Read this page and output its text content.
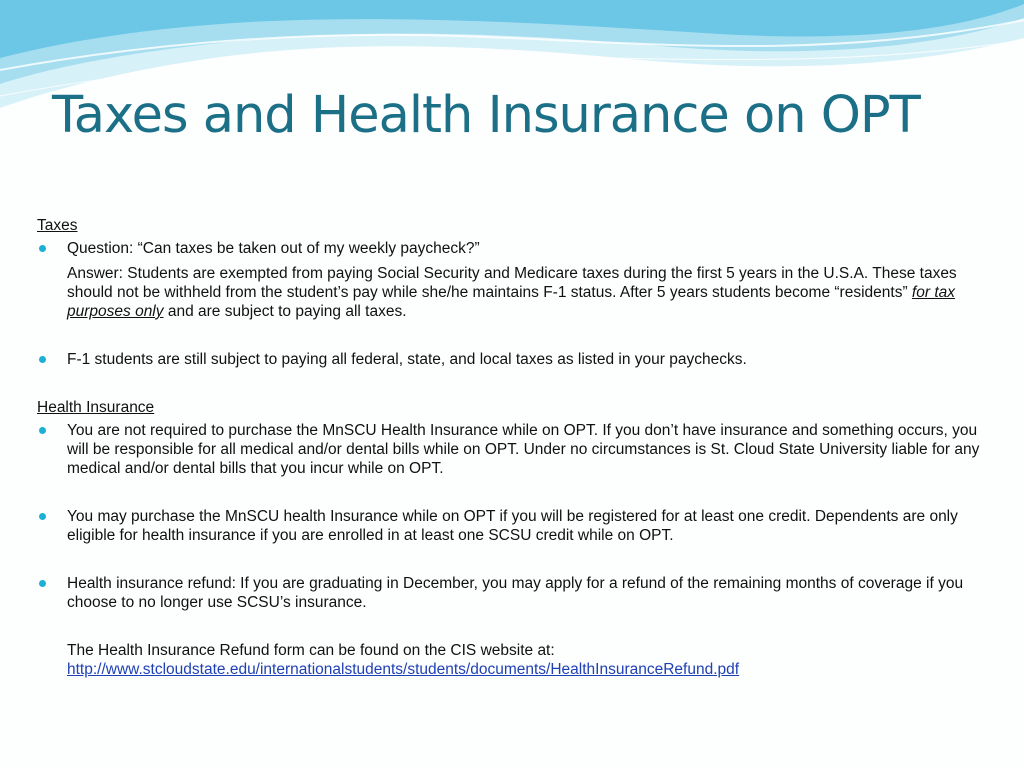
Taxes and Health Insurance on OPT

Taxes

Question: “Can taxes be taken out of my weekly paycheck?”

Answer: Students are exempted from paying Social Security and Medicare taxes during the first 5 years in the U.S.A. These taxes should not be withheld from the student’s pay while she/he maintains F-1 status. After 5 years students become “residents” for tax purposes only and are subject to paying all taxes.

F-1 students are still subject to paying all federal, state, and local taxes as listed in your paychecks.

Health Insurance

You are not required to purchase the MnSCU Health Insurance while on OPT. If you don’t have insurance and something occurs, you will be responsible for all medical and/or dental bills while on OPT. Under no circumstances is St. Cloud State University liable for any medical and/or dental bills that you incur while on OPT.

You may purchase the MnSCU health Insurance while on OPT if you will be registered for at least one credit. Dependents are only eligible for health insurance if you are enrolled in at least one SCSU credit while on OPT.

Health insurance refund: If you are graduating in December, you may apply for a refund of the remaining months of coverage if you choose to no longer use SCSU’s insurance.

The Health Insurance Refund form can be found on the CIS website at:
http://www.stcloudstate.edu/internationalstudents/students/documents/HealthInsuranceRefund.pdf
